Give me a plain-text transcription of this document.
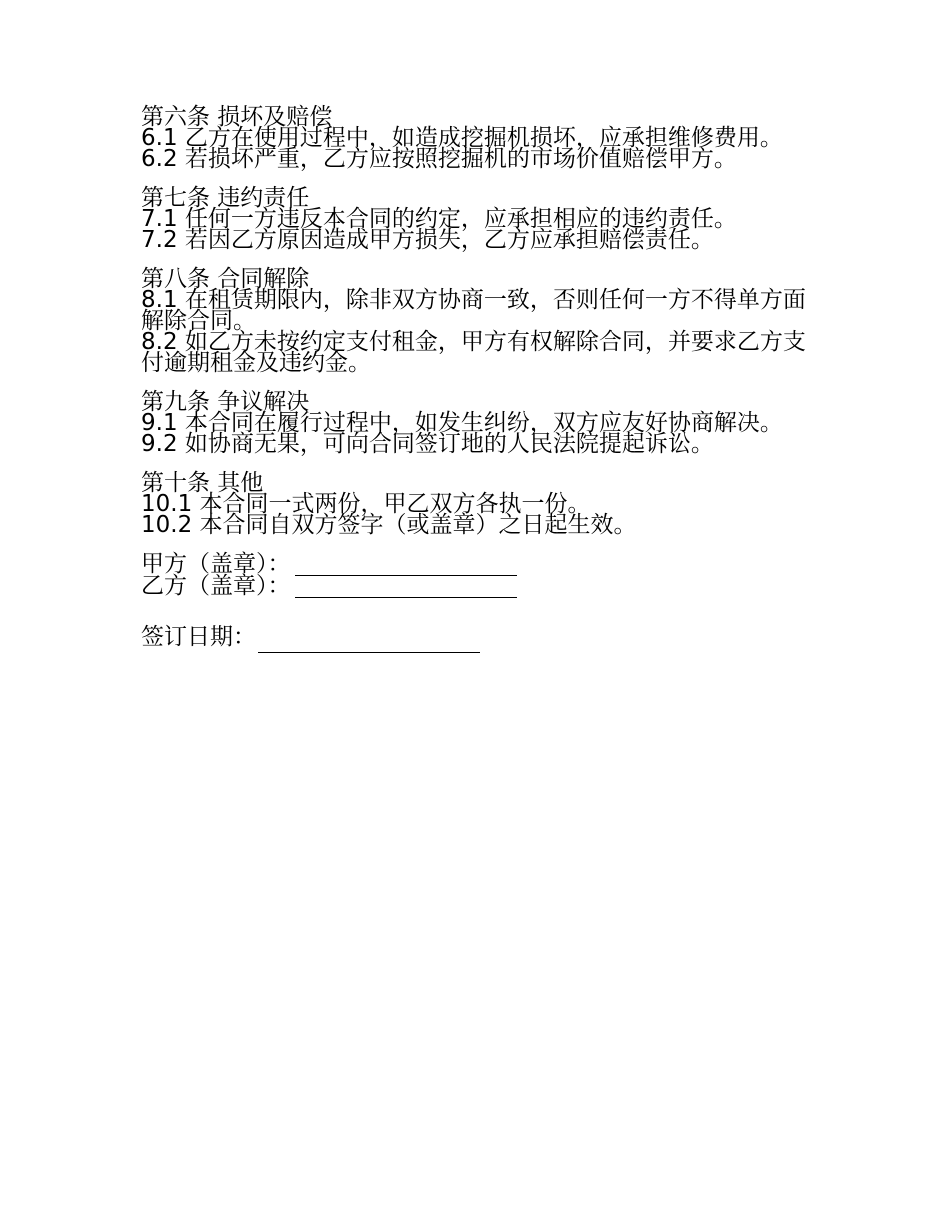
第六条 损坏及赔偿

6.1 乙方在使用过程中，如造成挖掘机损坏，应承担维修费用。

6.2 若损坏严重，乙方应按照挖掘机的市场价值赔偿甲方。

第七条 违约责任

7.1 任何一方违反本合同的约定，应承担相应的违约责任。

7.2 若因乙方原因造成甲方损失，乙方应承担赔偿责任。

第八条 合同解除

8.1 在租赁期限内，除非双方协商一致，否则任何一方不得单方面解除合同。

8.2 如乙方未按约定支付租金，甲方有权解除合同，并要求乙方支付逾期租金及违约金。

第九条 争议解决

9.1 本合同在履行过程中，如发生纠纷，双方应友好协商解决。

9.2 如协商无果，可向合同签订地的人民法院提起诉讼。

第十条 其他

10.1 本合同一式两份，甲乙双方各执一份。

10.2 本合同自双方签字（或盖章）之日起生效。

甲方（盖章）：
乙方（盖章）：
签订日期：
